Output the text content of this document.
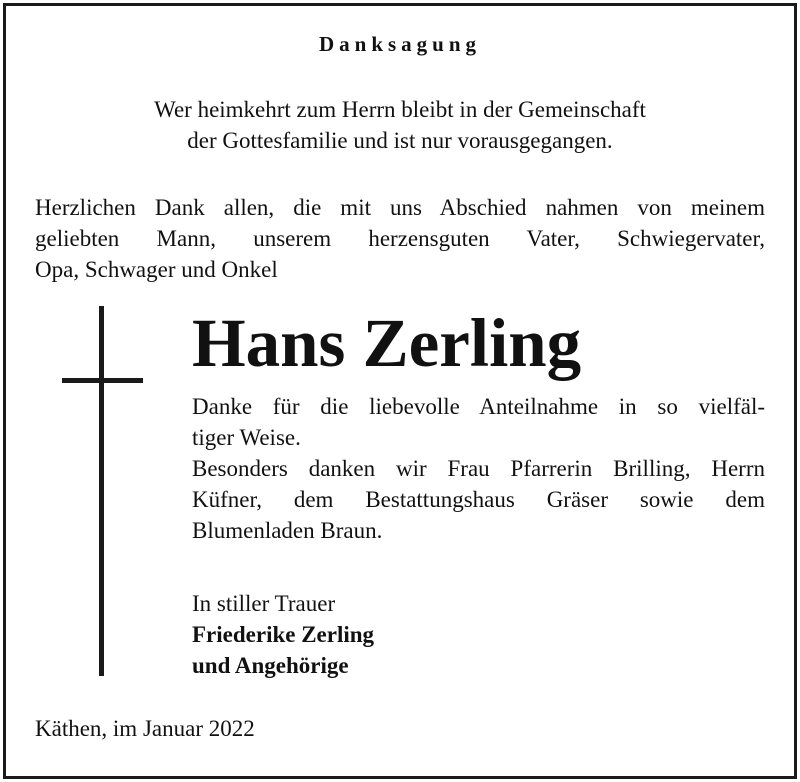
Danksagung
Wer heimkehrt zum Herrn bleibt in der Gemeinschaft
der Gottesfamilie und ist nur vorausgegangen.
Herzlichen Dank allen, die mit uns Abschied nahmen von meinem
geliebten Mann, unserem herzensguten Vater, Schwiegervater,
Opa, Schwager und Onkel
Hans Zerling
Danke für die liebevolle Anteilnahme in so vielfäl-
tiger Weise.
Besonders danken wir Frau Pfarrerin Brilling, Herrn
Küfner, dem Bestattungshaus Gräser sowie dem
Blumenladen Braun.
In stiller Trauer
Friederike Zerling
und Angehörige
Käthen, im Januar 2022
